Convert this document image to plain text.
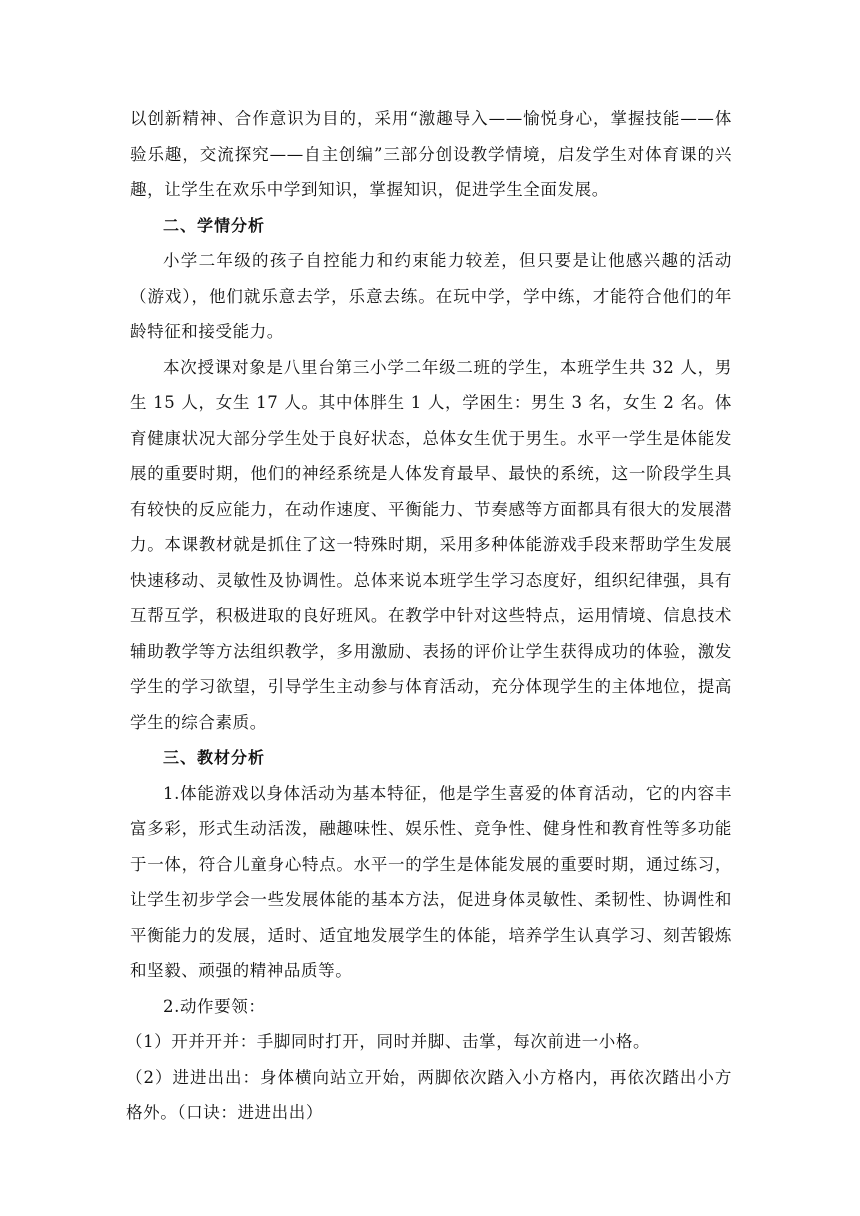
以创新精神、合作意识为目的，采用“激趣导入——愉悦身心，掌握技能——体验乐趣，交流探究——自主创编”三部分创设教学情境，启发学生对体育课的兴趣，让学生在欢乐中学到知识，掌握知识，促进学生全面发展。

二、学情分析

小学二年级的孩子自控能力和约束能力较差，但只要是让他感兴趣的活动（游戏），他们就乐意去学，乐意去练。在玩中学，学中练，才能符合他们的年龄特征和接受能力。

本次授课对象是八里台第三小学二年级二班的学生，本班学生共 32 人，男生 15 人，女生 17 人。其中体胖生 1 人，学困生：男生 3 名，女生 2 名。体育健康状况大部分学生处于良好状态，总体女生优于男生。水平一学生是体能发展的重要时期，他们的神经系统是人体发育最早、最快的系统，这一阶段学生具有较快的反应能力，在动作速度、平衡能力、节奏感等方面都具有很大的发展潜力。本课教材就是抓住了这一特殊时期，采用多种体能游戏手段来帮助学生发展快速移动、灵敏性及协调性。总体来说本班学生学习态度好，组织纪律强，具有互帮互学，积极进取的良好班风。在教学中针对这些特点，运用情境、信息技术辅助教学等方法组织教学，多用激励、表扬的评价让学生获得成功的体验，激发学生的学习欲望，引导学生主动参与体育活动，充分体现学生的主体地位，提高学生的综合素质。

三、教材分析

1.体能游戏以身体活动为基本特征，他是学生喜爱的体育活动，它的内容丰富多彩，形式生动活泼，融趣味性、娱乐性、竞争性、健身性和教育性等多功能于一体，符合儿童身心特点。水平一的学生是体能发展的重要时期，通过练习，让学生初步学会一些发展体能的基本方法，促进身体灵敏性、柔韧性、协调性和平衡能力的发展，适时、适宜地发展学生的体能，培养学生认真学习、刻苦锻炼和坚毅、顽强的精神品质等。

2.动作要领：

（1）开并开并：手脚同时打开，同时并脚、击掌，每次前进一小格。

（2）进进出出：身体横向站立开始，两脚依次踏入小方格内，再依次踏出小方格外。（口诀：进进出出）
